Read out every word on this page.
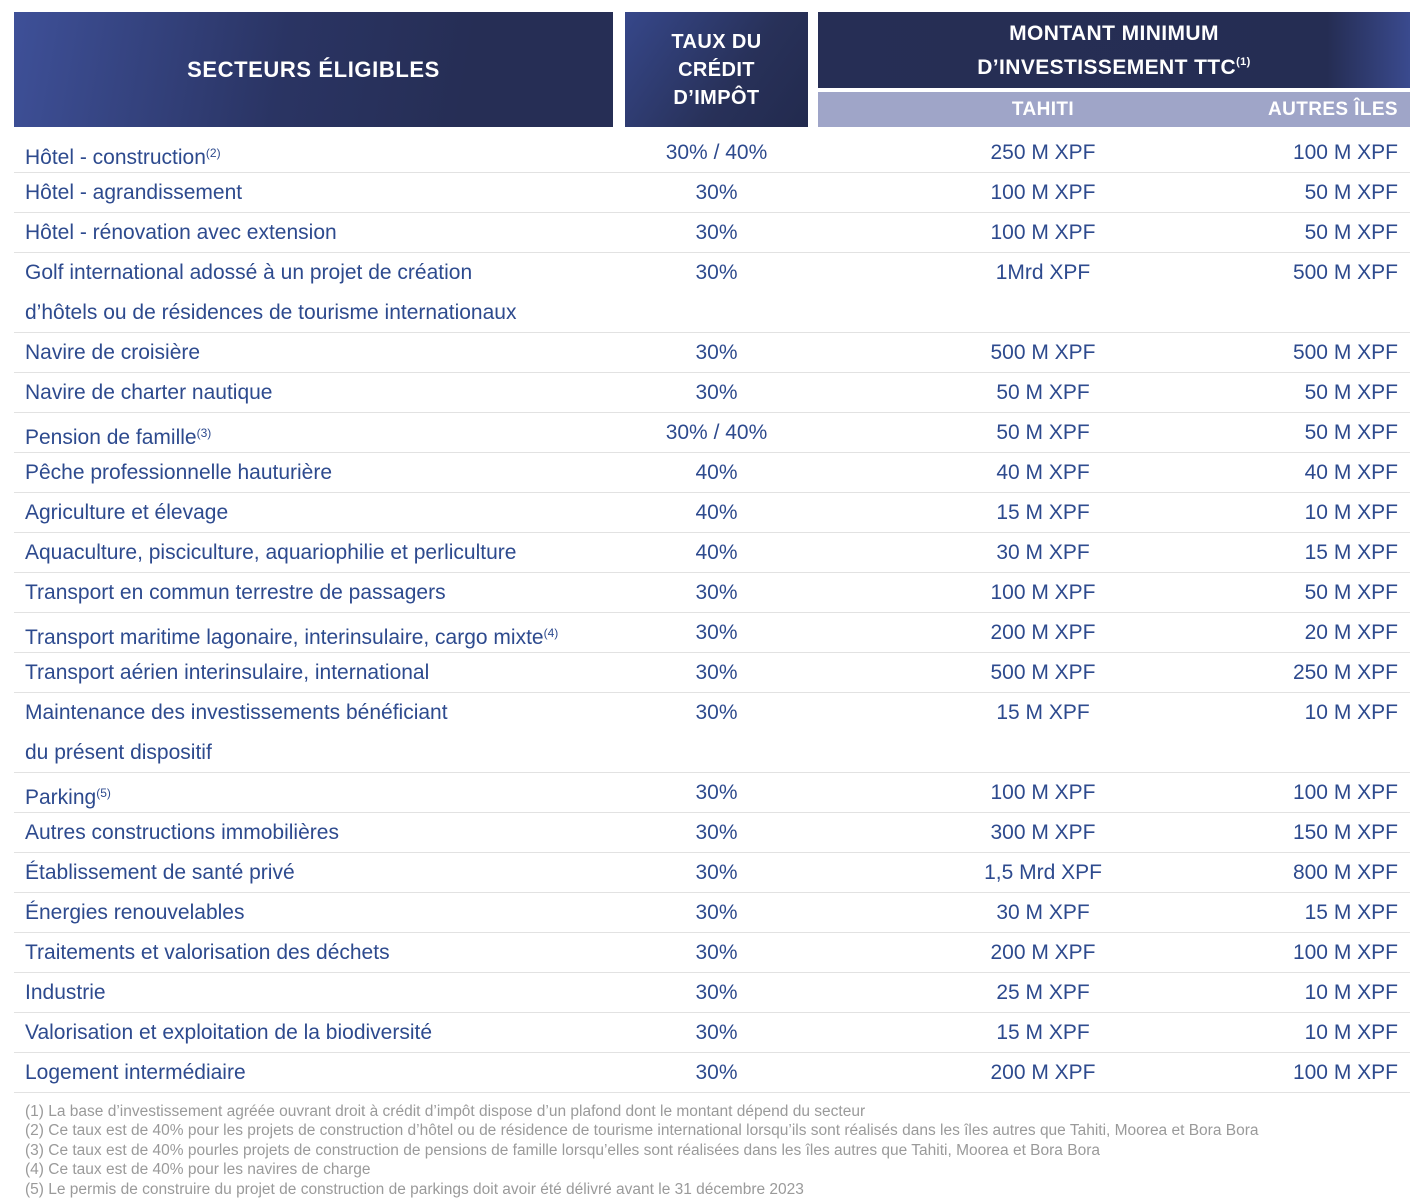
SECTEURS ÉLIGIBLES
TAUX DU
CRÉDIT
D’IMPÔT
MONTANT MINIMUM
D’INVESTISSEMENT TTC$^{(1)}$
TAHITI	AUTRES ÎLES
Hôtel - construction$^{(2)}$	30% / 40%	250 M XPF	100 M XPF
Hôtel - agrandissement	30%	100 M XPF	50 M XPF
Hôtel - rénovation avec extension	30%	100 M XPF	50 M XPF
Golf international adossé à un projet de création
d’hôtels ou de résidences de tourisme internationaux
30%	1Mrd XPF	500 M XPF
Navire de croisière	30%	500 M XPF	500 M XPF
Navire de charter nautique	30%	50 M XPF	50 M XPF
Pension de famille$^{(3)}$	30% / 40%	50 M XPF	50 M XPF
Pêche professionnelle hauturière	40%	40 M XPF	40 M XPF
Agriculture et élevage	40%	15 M XPF	10 M XPF
Aquaculture, pisciculture, aquariophilie et perliculture	40%	30 M XPF	15 M XPF
Transport en commun terrestre de passagers	30%	100 M XPF	50 M XPF
Transport maritime lagonaire, interinsulaire, cargo mixte$^{(4)}$	30%	200 M XPF	20 M XPF
Transport aérien interinsulaire, international	30%	500 M XPF	250 M XPF
Maintenance des investissements bénéficiant
du présent dispositif
30%	15 M XPF	10 M XPF
Parking$^{(5)}$	30%	100 M XPF	100 M XPF
Autres constructions immobilières	30%	300 M XPF	150 M XPF
Établissement de santé privé	30%	1,5 Mrd XPF	800 M XPF
Énergies renouvelables	30%	30 M XPF	15 M XPF
Traitements et valorisation des déchets	30%	200 M XPF	100 M XPF
Industrie	30%	25 M XPF	10 M XPF
Valorisation et exploitation de la biodiversité	30%	15 M XPF	10 M XPF
Logement intermédiaire	30%	200 M XPF	100 M XPF
(1) La base d’investissement agréée ouvrant droit à crédit d’impôt dispose d’un plafond dont le montant dépend du secteur
(2) Ce taux est de 40% pour les projets de construction d’hôtel ou de résidence de tourisme international lorsqu’ils sont réalisés dans les îles autres que Tahiti, Moorea et Bora Bora
(3) Ce taux est de 40% pourles projets de construction de pensions de famille lorsqu’elles sont réalisées dans les îles autres que Tahiti, Moorea et Bora Bora
(4) Ce taux est de 40% pour les navires de charge
(5) Le permis de construire du projet de construction de parkings doit avoir été délivré avant le 31 décembre 2023
